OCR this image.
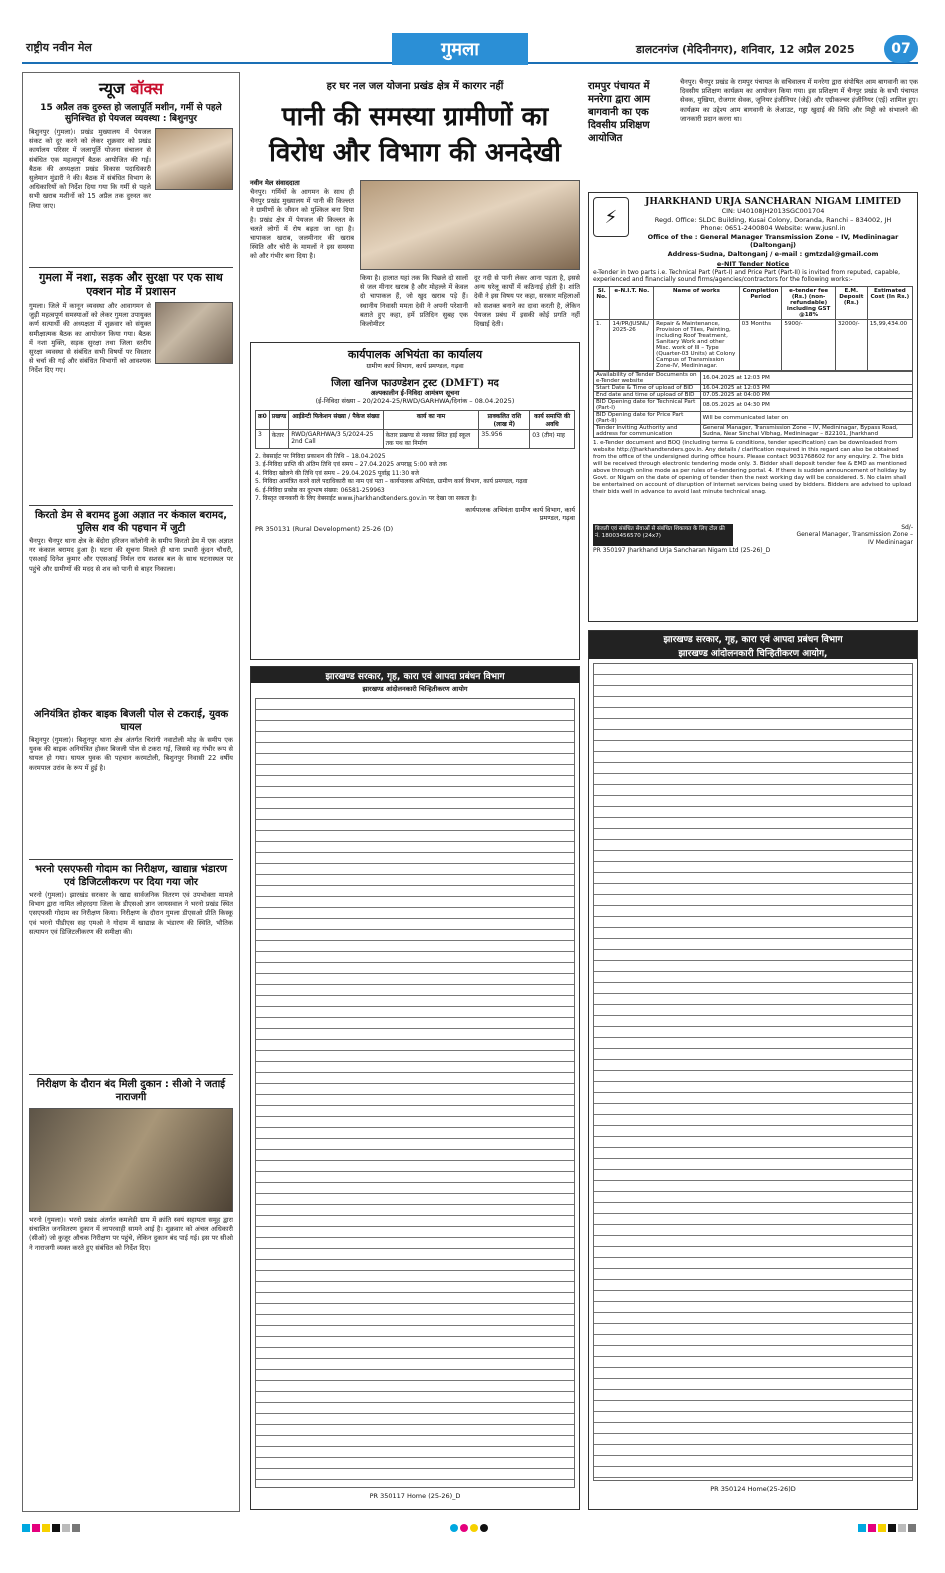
राष्ट्रीय नवीन मेल	गुमला	डालटनगंज (मेदिनीनगर), शनिवार, 12 अप्रैल 2025	07
न्यूज बॉक्स
15 अप्रैल तक दुरुस्त हो जलापूर्ति मशीन, गर्मी से पहले सुनिश्चित हो पेयजल व्यवस्था : बिशुनपुर
बिशुनपुर (गुमला)। प्रखंड मुख्यालय में पेयजल संकट को दूर करने को लेकर शुक्रवार को प्रखंड कार्यालय परिसर में जलापूर्ति योजना संचालन से संबंधित एक महत्वपूर्ण बैठक आयोजित की गई। बैठक की अध्यक्षता प्रखंड विकास पदाधिकारी सुलेमान मुंडारी ने की। बैठक में संबंधित विभाग के अधिकारियों को निर्देश दिया गया कि गर्मी से पहले सभी खराब मशीनों को 15 अप्रैल तक दुरुस्त कर लिया जाए।
गुमला में नशा, सड़क और सुरक्षा पर एक साथ एक्शन मोड में प्रशासन
गुमला। जिले में कानून व्यवस्था और आवागमन से जुड़ी महत्वपूर्ण समस्याओं को लेकर गुमला उपायुक्त कर्ण सत्यार्थी की अध्यक्षता में शुक्रवार को संयुक्त समीक्षात्मक बैठक का आयोजन किया गया। बैठक में नशा मुक्ति, सड़क सुरक्षा तथा जिला स्तरीय सुरक्षा व्यवस्था से संबंधित सभी विषयों पर विस्तार से चर्चा की गई और संबंधित विभागों को आवश्यक निर्देश दिए गए।
किरतो डेम से बरामद हुआ अज्ञात नर कंकाल बरामद, पुलिस शव की पहचान में जुटी
चैनपुर। चैनपुर थाना क्षेत्र के बेंदोरा हरिजन कॉलोनी के समीप किरतो डेम में एक अज्ञात नर कंकाल बरामद हुआ है। घटना की सूचना मिलते ही थाना प्रभारी कुंदन चौधरी, एसआई दिनेश कुमार और एएसआई निर्मल राय सशस्त्र बल के साथ घटनास्थल पर पहुंचे और ग्रामीणों की मदद से शव को पानी से बाहर निकाला।
अनियंत्रित होकर बाइक बिजली पोल से टकराई, युवक घायल
बिशुनपुर (गुमला)। बिशुनपुर थाना क्षेत्र अंतर्गत चिरांगी नवाटोली मोड़ के समीप एक युवक की बाइक अनियंत्रित होकर बिजली पोल से टकरा गई, जिससे वह गंभीर रूप से घायल हो गया। घायल युवक की पहचान करमटोली, बिशुनपुर निवासी 22 वर्षीय करमपाल उरांव के रूप में हुई है।
भरनो एसएफसी गोदाम का निरीक्षण, खाद्यान्न भंडारण एवं डिजिटलीकरण पर दिया गया जोर
भरनो (गुमला)। झारखंड सरकार के खाद्य सार्वजनिक वितरण एवं उपभोक्ता मामले विभाग द्वारा नामित लोहरदगा जिला के डीएसओ ज्ञान जायसवाल ने भरनो प्रखंड स्थित एसएफसी गोदाम का निरीक्षण किया। निरीक्षण के दौरान गुमला डीएसओ प्रीति किस्कू एवं भरनो पीडीएस सह एमओ ने गोदाम में खाद्यान्न के भंडारण की स्थिति, भौतिक सत्यापन एवं डिजिटलीकरण की समीक्षा की।
निरीक्षण के दौरान बंद मिली दुकान : सीओ ने जताई नाराजगी
भरनो (गुमला)। भरनो प्रखंड अंतर्गत कमलेडी ग्राम में क्रांति स्वयं सहायता समूह द्वारा संचालित जनवितरण दुकान में लापरवाही सामने आई है। शुक्रवार को अंचल अधिकारी (सीओ) जो कुजूर औचक निरीक्षण पर पहुंचे, लेकिन दुकान बंद पाई गई। इस पर सीओ ने नाराजगी व्यक्त करते हुए संबंधित को निर्देश दिए।
हर घर नल जल योजना प्रखंड क्षेत्र में कारगर नहीं
पानी की समस्या ग्रामीणों का
विरोध और विभाग की अनदेखी
नवीन मेल संवाददाता
चैनपुर। गर्मियों के आगमन के साथ ही चैनपुर प्रखंड मुख्यालय में पानी की किल्लत ने ग्रामीणों के जीवन को मुश्किल बना दिया है। प्रखंड क्षेत्र में पेयजल की किल्लत के चलते लोगों में रोष बढ़ता जा रहा है। चापाकल खराब, जलमीनार की खराब स्थिति और चोरी के मामलों ने इस समस्या को और गंभीर बना दिया है।
किया है। हालात यहां तक कि पिछले दो सालों से जल मीनार खराब है और मोहल्ले में केवल दो चापाकल हैं, जो खुद खराब पड़े हैं। स्थानीय निवासी ममता देवी ने अपनी परेशानी बताते हुए कहा, हमें प्रतिदिन सुबह एक किलोमीटर
दूर नदी से पानी लेकर आना पड़ता है, इससे अन्य घरेलू कार्यों में कठिनाई होती है। शांति देवी ने इस विषय पर कहा, सरकार महिलाओं को सशक्त बनाने का दावा करती है, लेकिन पेयजल प्रबंध में इसकी कोई प्रगति नहीं दिखाई देती।
कार्यपालक अभियंता का कार्यालय
ग्रामीण कार्य विभाग, कार्य प्रमण्डल, गढ़वा
जिला खनिज फाउण्डेशन ट्रस्ट (DMFT) मद
अल्पकालीन ई-निविदा आमंत्रण सूचना
(ई-निविदा संख्या – 20/2024-25/RWD/GARHWA/दिनांक – 08.04.2025)
क्र0	प्रखण्ड	आईडेन्टी फिकेशन संख्या / पैकेज संख्या	कार्य का नाम	प्राक्कलित राशि (लाख में)	कार्य समाप्ति की अवधि
3	केतार	RWD/GARHWA/3 5/2024-25 2nd Call	केतार प्रखण्ड से नवका स्थित हाई स्कूल तक पथ का निर्माण	35.956	03 (तीन) माह
2. वेबसाईट पर निविदा प्रकाशन की तिथि – 18.04.2025
3. ई-निविदा प्राप्ति की अंतिम तिथि एवं समय – 27.04.2025 अपराह्न 5:00 बजे तक
4. निविदा खोलने की तिथि एवं समय – 29.04.2025 पूर्वाह्न 11:30 बजे
5. निविदा आमंत्रित करने वाले पदाधिकारी का नाम एवं पता – कार्यपालक अभियंता, ग्रामीण कार्य विभाग, कार्य प्रमण्डल, गढ़वा
6. ई-निविदा प्रकोष्ठ का दूरभाष संख्या: 06581-259963
7. विस्तृत जानकारी के लिए वेबसाईट www.jharkhandtenders.gov.in पर देखा जा सकता है।
कार्यपालक अभियंता ग्रामीण कार्य विभाग, कार्य प्रमण्डल, गढ़वा
PR 350131 (Rural Development) 25-26 (D)
झारखण्ड सरकार, गृह, कारा एवं आपदा प्रबंधन विभाग
झारखण्ड आंदोलनकारी चिन्हितीकरण आयोग
PR 350117 Home (25-26)_D
रामपुर पंचायत में मनरेगा द्वारा आम बागवानी का एक दिवसीय प्रशिक्षण आयोजित
चैनपुर। चैनपुर प्रखंड के रामपुर पंचायत के सचिवालय में मनरेगा द्वारा संपोषित आम बागवानी का एक दिवसीय प्रशिक्षण कार्यक्रम का आयोजन किया गया। इस प्रशिक्षण में चैनपुर प्रखंड के सभी पंचायत सेवक, मुखिया, रोजगार सेवक, जूनियर इंजीनियर (जेई) और एग्रीकल्चर इंजीनियर (एई) शामिल हुए। कार्यक्रम का उद्देश्य आम बागवानी के लेआउट, गड्ढा खुदाई की विधि और मिट्टी को संभालने की जानकारी प्रदान करना था।
⚡
JHARKHAND URJA SANCHARAN NIGAM LIMITED
CIN: U40108JH2013SGC001704
Regd. Office: SLDC Building, Kusai Colony, Doranda, Ranchi – 834002, JH
Phone: 0651-2400804 Website: www.jusnl.in
Office of the : General Manager Transmission Zone – IV, Medininagar (Daltonganj)
Address-Sudna, Daltonganj / e-mail : gmtzdal@gmail.com
e-NIT Tender Notice
e-Tender in two parts i.e. Technical Part (Part-I) and Price Part (Part-II) is invited from reputed, capable, experienced and financially sound firms/agencies/contractors for the following works:-
Sl. No.	e-N.I.T. No.	Name of works	Completion Period	e-tender fee (Rs.) (non-refundable) including GST @18%	E.M. Deposit (Rs.)	Estimated Cost (In Rs.)
1.	14/PR/JUSNL/ 2025-26	Repair & Maintenance, Provision of Tiles, Painting, including Roof Treatment, Sanitary Work and other Misc. work of III – Type (Quarter-03 Units) at Colony Campus of Transmission Zone-IV, Medininagar.	03 Months	5900/-	32000/-	15,99,434.00
Availability of Tender Documents on e-Tender website	16.04.2025 at 12:03 PM
Start Date & Time of upload of BID	16.04.2025 at 12:03 PM
End date and time of upload of BID	07.05.2025 at 04:00 PM
BID Opening date for Technical Part (Part-I)	08.05.2025 at 04:30 PM
BID Opening date for Price Part (Part-II)	Will be communicated later on
Tender Inviting Authority and address for communication	General Manager, Transmission Zone – IV, Medininagar, Bypass Road, Sudna, Near Sinchai Vibhag, Medininagar – 822101, Jharkhand
1. e-Tender document and BOQ (including terms & conditions, tender specification) can be downloaded from website http://jharkhandtenders.gov.in. Any details / clarification required in this regard can also be obtained from the office of the undersigned during office hours. Please contact 9031768602 for any enquiry. 2. The bids will be received through electronic tendering mode only. 3. Bidder shall deposit tender fee & EMD as mentioned above through online mode as per rules of e-tendering portal. 4. If there is sudden announcement of holiday by Govt. or Nigam on the date of opening of tender then the next working day will be considered. 5. No claim shall be entertained on account of disruption of internet services being used by bidders. Bidders are advised to upload their bids well in advance to avoid last minute technical snag.
बिजली एवं संबंधित सेवाओं से संबंधित शिकायत के लिए टोल फ्री नं. 18003456570 (24x7)
Sd/-
General Manager, Transmission Zone – IV Medininagar
PR 350197 Jharkhand Urja Sancharan Nigam Ltd (25-26)_D
झारखण्ड सरकार, गृह, कारा एवं आपदा प्रबंधन विभाग
झारखण्ड आंदोलनकारी चिन्हितीकरण आयोग,
PR 350124 Home(25-26)D
